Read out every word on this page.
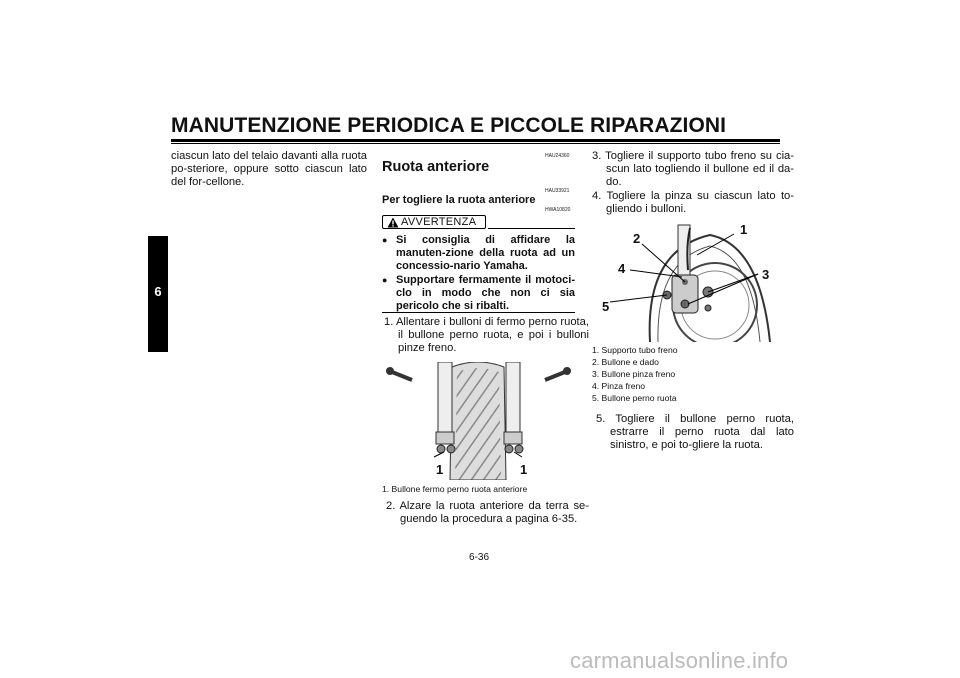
MANUTENZIONE PERIODICA E PICCOLE RIPARAZIONI
6
ciascun lato del telaio davanti alla ruota po-steriore, oppure sotto ciascun lato del for-cellone.
HAU24360
Ruota anteriore
HAU33921
Per togliere la ruota anteriore
HWA10820
AVVERTENZA
● Si consiglia di affidare la manuten-zione della ruota ad un concessio-nario Yamaha.
● Supportare fermamente il motoci-clo in modo che non ci sia pericolo che si ribalti.
1. Allentare i bulloni di fermo perno ruota, il bullone perno ruota, e poi i bulloni pinze freno.
1	1
1. Bullone fermo perno ruota anteriore
2. Alzare la ruota anteriore da terra se-guendo la procedura a pagina 6-35.
3. Togliere il supporto tubo freno su cia-scun lato togliendo il bullone ed il da-do.
4. Togliere la pinza su ciascun lato to-gliendo i bulloni.
1
2
3
4
5
1. Supporto tubo freno
2. Bullone e dado
3. Bullone pinza freno
4. Pinza freno
5. Bullone perno ruota
5. Togliere il bullone perno ruota, estrarre il perno ruota dal lato sinistro, e poi to-gliere la ruota.
6-36
carmanualsonline.info
